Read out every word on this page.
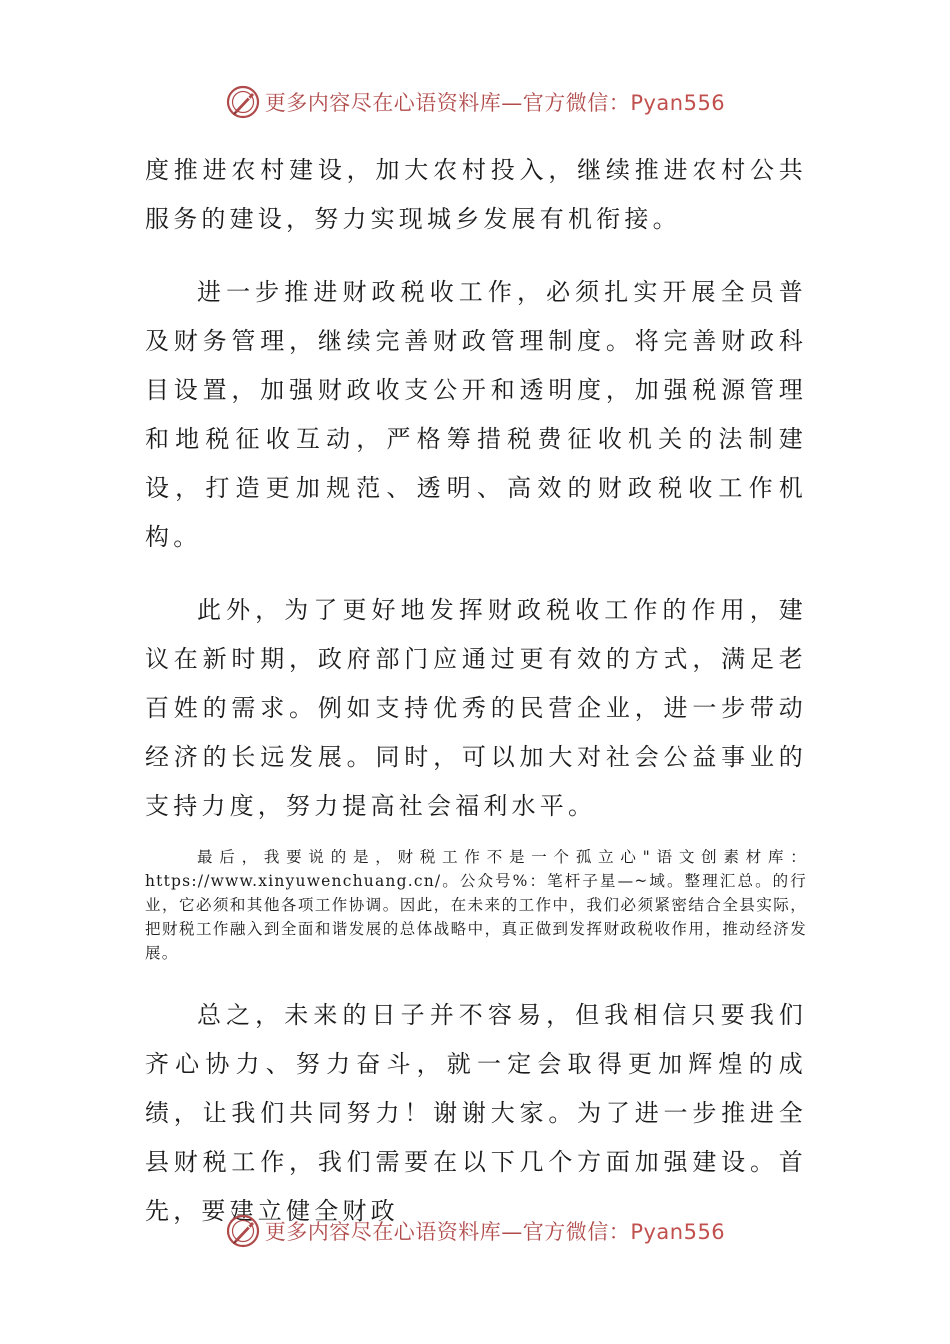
更多内容尽在心语资料库—官方微信：Pyan556

度推进农村建设，加大农村投入，继续推进农村公共服务的建设，努力实现城乡发展有机衔接。

进一步推进财政税收工作，必须扎实开展全员普及财务管理，继续完善财政管理制度。将完善财政科目设置，加强财政收支公开和透明度，加强税源管理和地税征收互动，严格筹措税费征收机关的法制建设，打造更加规范、透明、高效的财政税收工作机构。

此外，为了更好地发挥财政税收工作的作用，建议在新时期，政府部门应通过更有效的方式，满足老百姓的需求。例如支持优秀的民营企业，进一步带动经济的长远发展。同时，可以加大对社会公益事业的支持力度，努力提高社会福利水平。

最后，我要说的是，财税工作不是一个孤立心"语文创素材库：https://www.xinyuwenchuang.cn/。公众号%：笔杆子星—~域。整理汇总。的行业，它必须和其他各项工作协调。因此，在未来的工作中，我们必须紧密结合全县实际，把财税工作融入到全面和谐发展的总体战略中，真正做到发挥财政税收作用，推动经济发展。

总之，未来的日子并不容易，但我相信只要我们齐心协力、努力奋斗，就一定会取得更加辉煌的成绩，让我们共同努力！谢谢大家。为了进一步推进全县财税工作，我们需要在以下几个方面加强建设。首先，要建立健全财政

更多内容尽在心语资料库—官方微信：Pyan556
